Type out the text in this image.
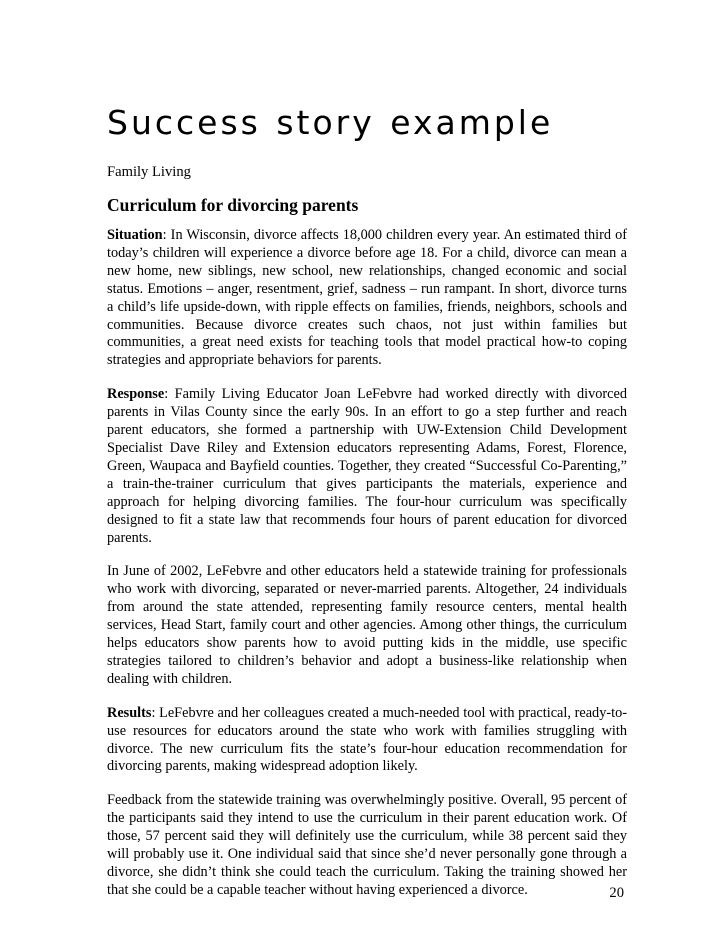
Success story example
Family Living
Curriculum for divorcing parents

Situation: In Wisconsin, divorce affects 18,000 children every year. An estimated third of today’s children will experience a divorce before age 18. For a child, divorce can mean a new home, new siblings, new school, new relationships, changed economic and social status. Emotions – anger, resentment, grief, sadness – run rampant. In short, divorce turns a child’s life upside-down, with ripple effects on families, friends, neighbors, schools and communities. Because divorce creates such chaos, not just within families but communities, a great need exists for teaching tools that model practical how-to coping strategies and appropriate behaviors for parents.

Response: Family Living Educator Joan LeFebvre had worked directly with divorced parents in Vilas County since the early 90s. In an effort to go a step further and reach parent educators, she formed a partnership with UW-Extension Child Development Specialist Dave Riley and Extension educators representing Adams, Forest, Florence, Green, Waupaca and Bayfield counties. Together, they created “Successful Co-Parenting,” a train-the-trainer curriculum that gives participants the materials, experience and approach for helping divorcing families. The four-hour curriculum was specifically designed to fit a state law that recommends four hours of parent education for divorced parents.

In June of 2002, LeFebvre and other educators held a statewide training for professionals who work with divorcing, separated or never-married parents. Altogether, 24 individuals from around the state attended, representing family resource centers, mental health services, Head Start, family court and other agencies. Among other things, the curriculum helps educators show parents how to avoid putting kids in the middle, use specific strategies tailored to children’s behavior and adopt a business-like relationship when dealing with children.

Results: LeFebvre and her colleagues created a much-needed tool with practical, ready-to-use resources for educators around the state who work with families struggling with divorce. The new curriculum fits the state’s four-hour education recommendation for divorcing parents, making widespread adoption likely.

Feedback from the statewide training was overwhelmingly positive. Overall, 95 percent of the participants said they intend to use the curriculum in their parent education work. Of those, 57 percent said they will definitely use the curriculum, while 38 percent said they will probably use it. One individual said that since she’d never personally gone through a divorce, she didn’t think she could teach the curriculum. Taking the training showed her that she could be a capable teacher without having experienced a divorce.	20
